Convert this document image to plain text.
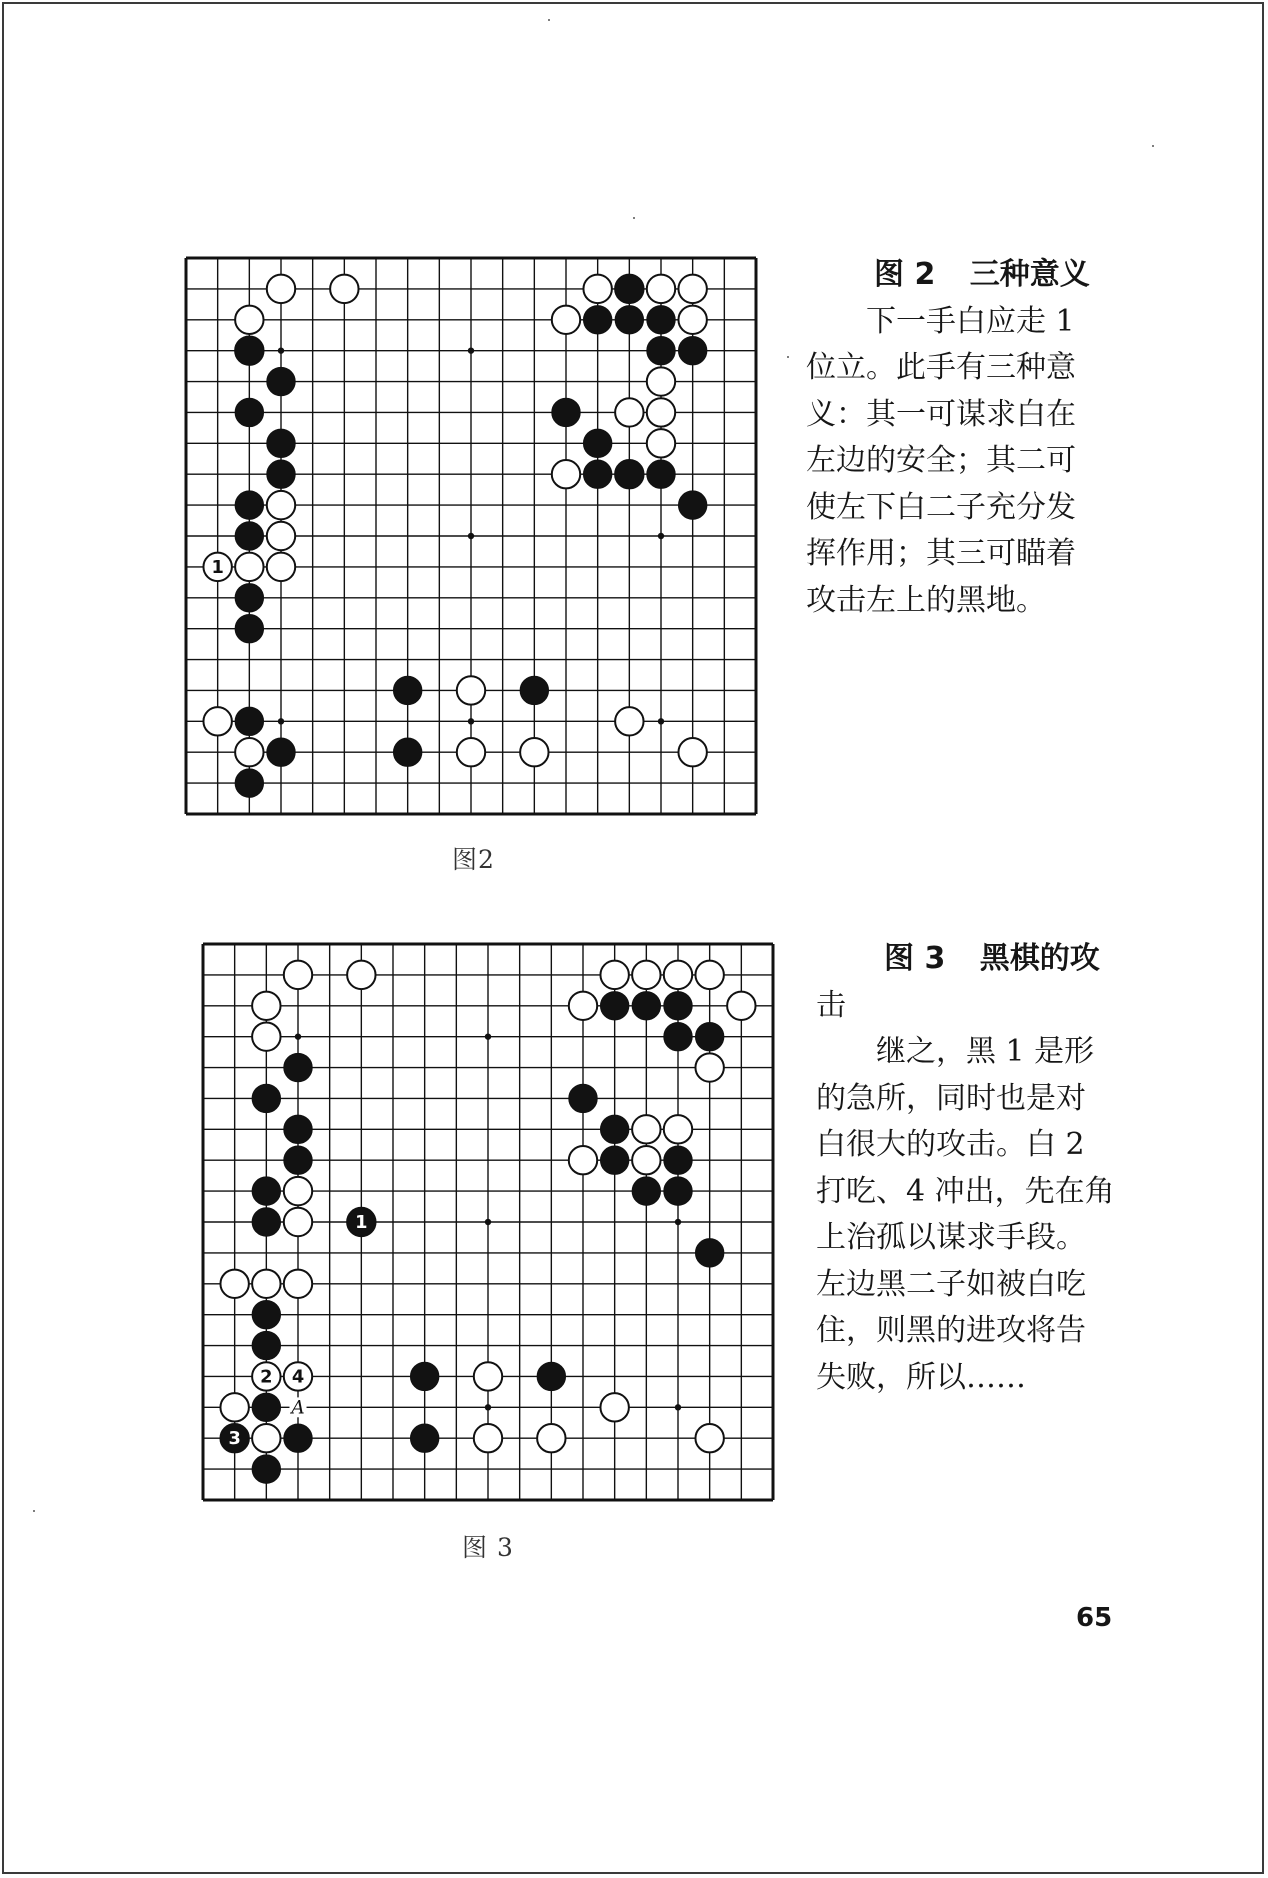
1
图2
图 2 三种意义
下一手白应走 1
位立。此手有三种意
义：其一可谋求白在
左边的安全；其二可
使左下白二子充分发
挥作用；其三可瞄着
攻击左上的黑地。
1
2 4
3
A
图 3
图 3 黑棋的攻
击
继之，黑 1 是形
的急所，同时也是对
白很大的攻击。白 2
打吃、4 冲出，先在角
上治孤以谋求手段。
左边黑二子如被白吃
住，则黑的进攻将告
失败，所以……
65
